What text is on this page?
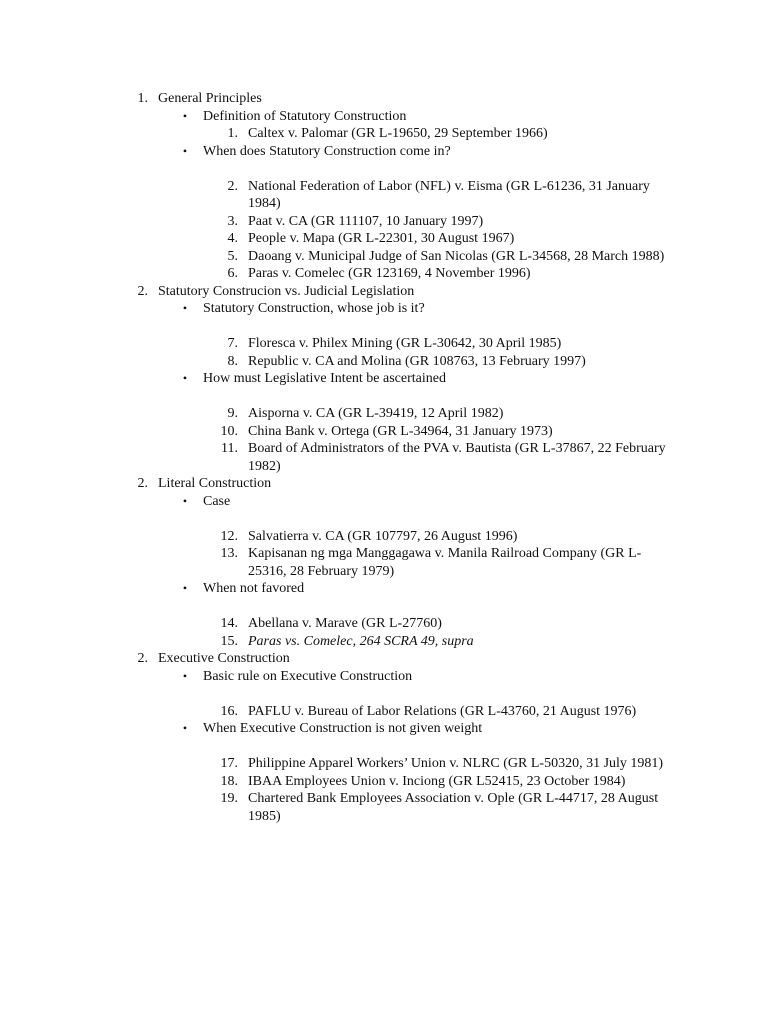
1. General Principles
•	Definition of Statutory Construction
1. Caltex v. Palomar (GR L-19650, 29 September 1966)
•	When does Statutory Construction come in?
2. National Federation of Labor (NFL) v. Eisma (GR L-61236, 31 January 1984)
3. Paat v. CA (GR 111107, 10 January 1997)
4. People v. Mapa (GR L-22301, 30 August 1967)
5. Daoang v. Municipal Judge of San Nicolas (GR L-34568, 28 March 1988)
6. Paras v. Comelec (GR 123169, 4 November 1996)
2. Statutory Construcion vs. Judicial Legislation
•	Statutory Construction, whose job is it?
7. Floresca v. Philex Mining (GR L-30642, 30 April 1985)
8. Republic v. CA and Molina (GR 108763, 13 February 1997)
•	How must Legislative Intent be ascertained
9. Aisporna v. CA (GR L-39419, 12 April 1982)
10. China Bank v. Ortega (GR L-34964, 31 January 1973)
11. Board of Administrators of the PVA v. Bautista (GR L-37867, 22 February 1982)
2. Literal Construction
•	Case
12. Salvatierra v. CA (GR 107797, 26 August 1996)
13. Kapisanan ng mga Manggagawa v. Manila Railroad Company (GR L-25316, 28 February 1979)
•	When not favored
14. Abellana v. Marave (GR L-27760)
15. Paras vs. Comelec, 264 SCRA 49, supra
2. Executive Construction
•	Basic rule on Executive Construction
16. PAFLU v. Bureau of Labor Relations (GR L-43760, 21 August 1976)
•	When Executive Construction is not given weight
17. Philippine Apparel Workers’ Union v. NLRC (GR L-50320, 31 July 1981)
18. IBAA Employees Union v. Inciong (GR L52415, 23 October 1984)
19. Chartered Bank Employees Association v. Ople (GR L-44717, 28 August 1985)
